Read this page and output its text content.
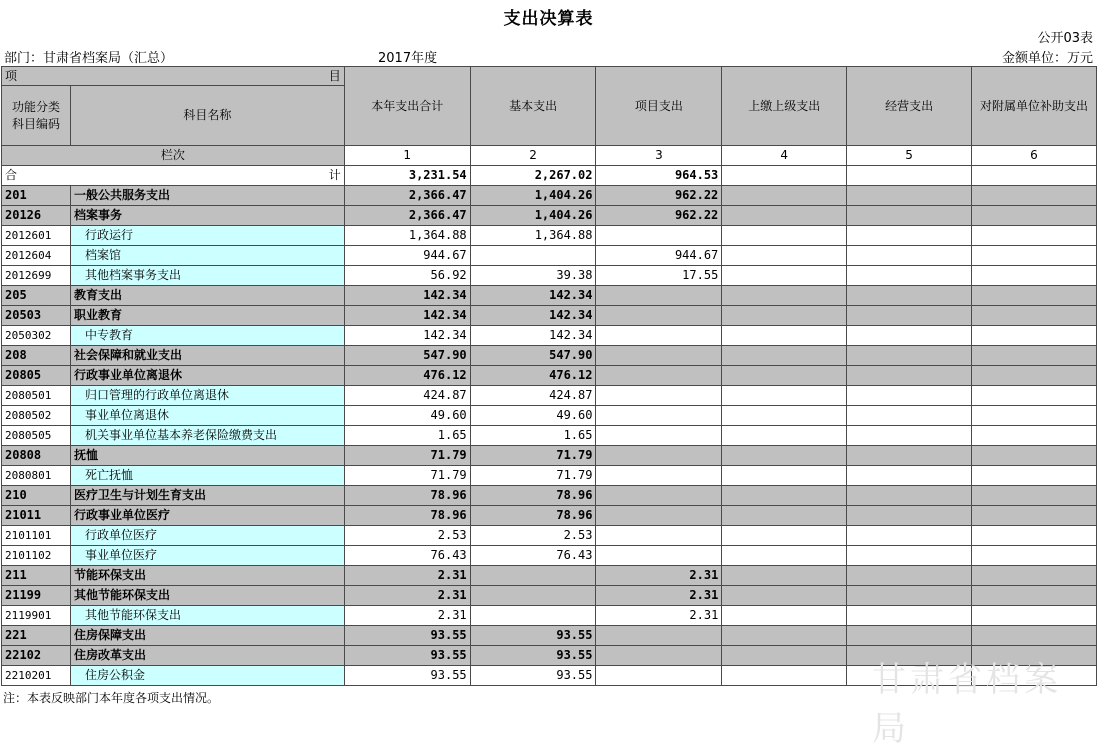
支出决算表
公开03表
部门：甘肃省档案局（汇总）	2017年度	金额单位：万元
项 目		本年支出合计	基本支出	项目支出	上缴上级支出	经营支出	对附属单位补助支出
功能分类
科目编码	科目名称						

栏次		1	2	3	4	5	6

合 计		3,231.54	2,267.02	964.53			
201	一般公共服务支出	2,366.47	1,404.26	962.22			
20126	档案事务	2,366.47	1,404.26	962.22			
2012601	行政运行	1,364.88	1,364.88				
2012604	档案馆	944.67		944.67			
2012699	其他档案事务支出	56.92	39.38	17.55			
205	教育支出	142.34	142.34				
20503	职业教育	142.34	142.34				
2050302	中专教育	142.34	142.34				
208	社会保障和就业支出	547.90	547.90				
20805	行政事业单位离退休	476.12	476.12				
2080501	归口管理的行政单位离退休	424.87	424.87				
2080502	事业单位离退休	49.60	49.60				
2080505	机关事业单位基本养老保险缴费支出	1.65	1.65				
20808	抚恤	71.79	71.79				
2080801	死亡抚恤	71.79	71.79				
210	医疗卫生与计划生育支出	78.96	78.96				
21011	行政事业单位医疗	78.96	78.96				
2101101	行政单位医疗	2.53	2.53				
2101102	事业单位医疗	76.43	76.43				
211	节能环保支出	2.31		2.31			
21199	其他节能环保支出	2.31		2.31			
2119901	其他节能环保支出	2.31		2.31			
221	住房保障支出	93.55	93.55				
22102	住房改革支出	93.55	93.55				
2210201	住房公积金	93.55	93.55				
注：本表反映部门本年度各项支出情况。	甘肃省档案局
